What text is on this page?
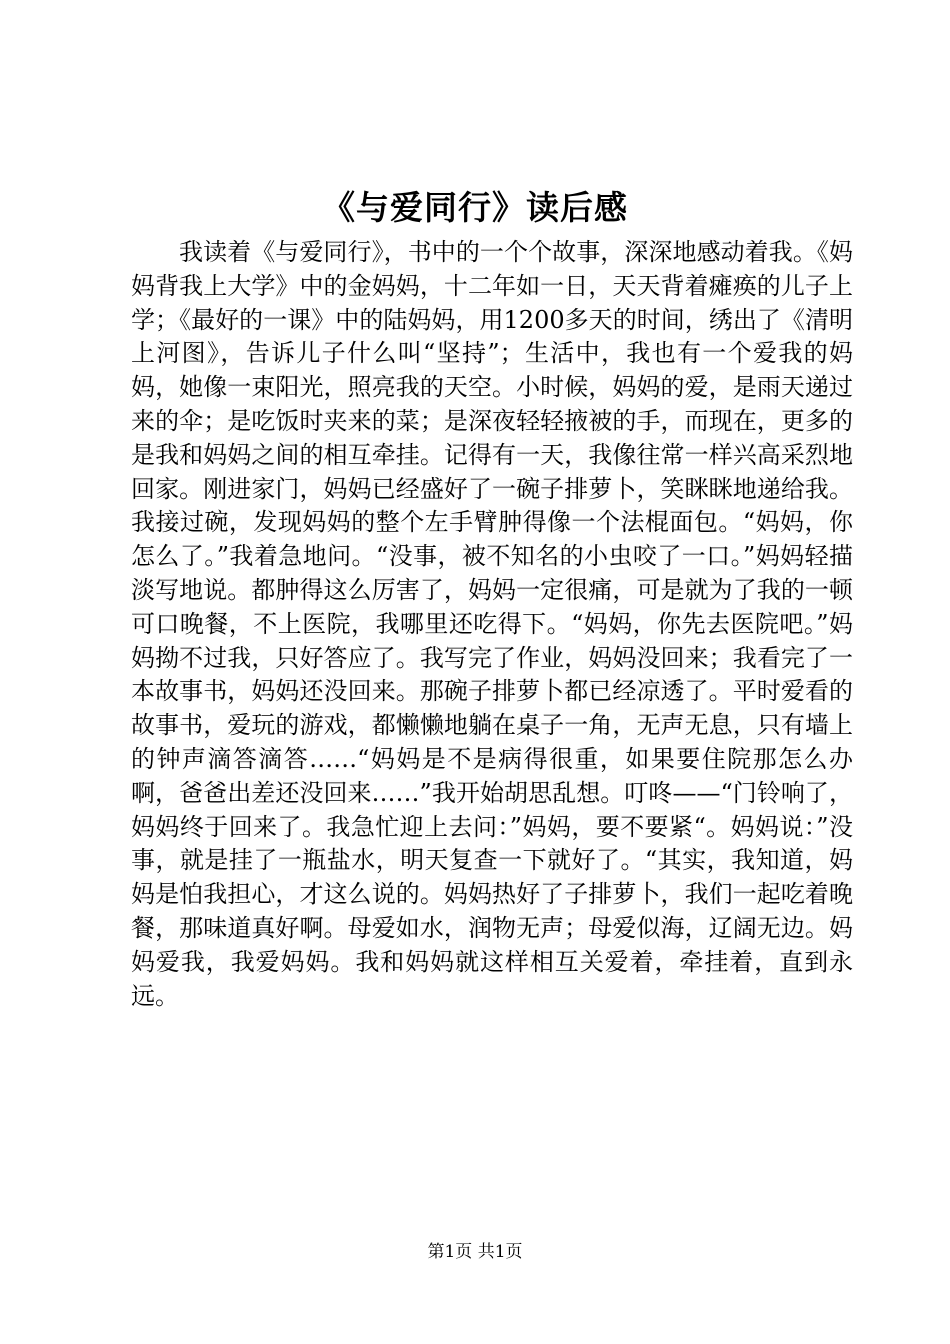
《与爱同行》读后感

我读着《与爱同行》，书中的一个个故事，深深地感动着我。《妈妈背我上大学》中的金妈妈，十二年如一日，天天背着瘫痪的儿子上学；《最好的一课》中的陆妈妈，用1200多天的时间，绣出了《清明上河图》，告诉儿子什么叫“坚持”；生活中，我也有一个爱我的妈妈，她像一束阳光，照亮我的天空。小时候，妈妈的爱，是雨天递过来的伞；是吃饭时夹来的菜；是深夜轻轻掖被的手，而现在，更多的是我和妈妈之间的相互牵挂。记得有一天，我像往常一样兴高采烈地回家。刚进家门，妈妈已经盛好了一碗子排萝卜，笑眯眯地递给我。我接过碗，发现妈妈的整个左手臂肿得像一个法棍面包。“妈妈，你怎么了。”我着急地问。“没事，被不知名的小虫咬了一口。”妈妈轻描淡写地说。都肿得这么厉害了，妈妈一定很痛，可是就为了我的一顿可口晚餐，不上医院，我哪里还吃得下。“妈妈，你先去医院吧。”妈妈拗不过我，只好答应了。我写完了作业，妈妈没回来；我看完了一本故事书，妈妈还没回来。那碗子排萝卜都已经凉透了。平时爱看的故事书，爱玩的游戏，都懒懒地躺在桌子一角，无声无息，只有墙上的钟声滴答滴答……“妈妈是不是病得很重，如果要住院那怎么办啊，爸爸出差还没回来……”我开始胡思乱想。叮咚——“门铃响了，妈妈终于回来了。我急忙迎上去问：”妈妈，要不要紧“。妈妈说：”没事，就是挂了一瓶盐水，明天复查一下就好了。“其实，我知道，妈妈是怕我担心，才这么说的。妈妈热好了子排萝卜，我们一起吃着晚餐，那味道真好啊。母爱如水，润物无声；母爱似海，辽阔无边。妈妈爱我，我爱妈妈。我和妈妈就这样相互关爱着，牵挂着，直到永远。

第1页 共1页
